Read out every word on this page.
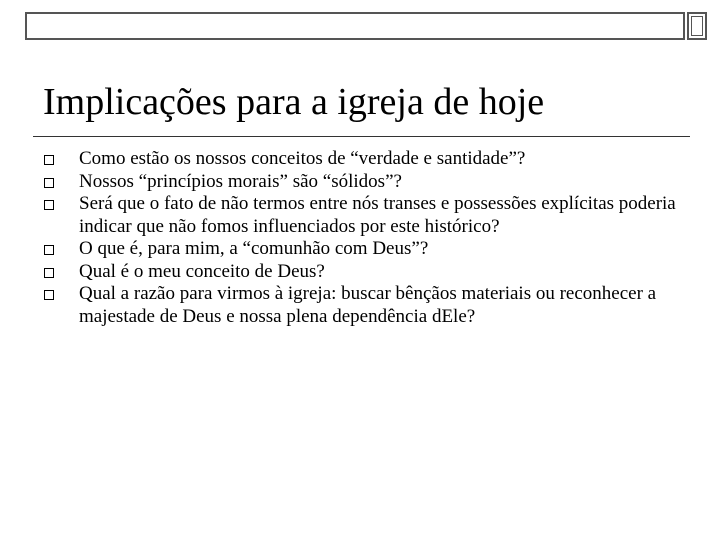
Implicações para a igreja de hoje
Como estão os nossos conceitos de “verdade e santidade”?
Nossos “princípios morais” são “sólidos”?
Será que o fato de não termos entre nós transes e possessões explícitas poderia indicar que não fomos influenciados por este histórico?
O que é, para mim, a “comunhão com Deus”?
Qual é o meu conceito de Deus?
Qual a razão para virmos à igreja: buscar bênçãos materiais ou reconhecer a majestade de Deus e nossa plena dependência dEle?
